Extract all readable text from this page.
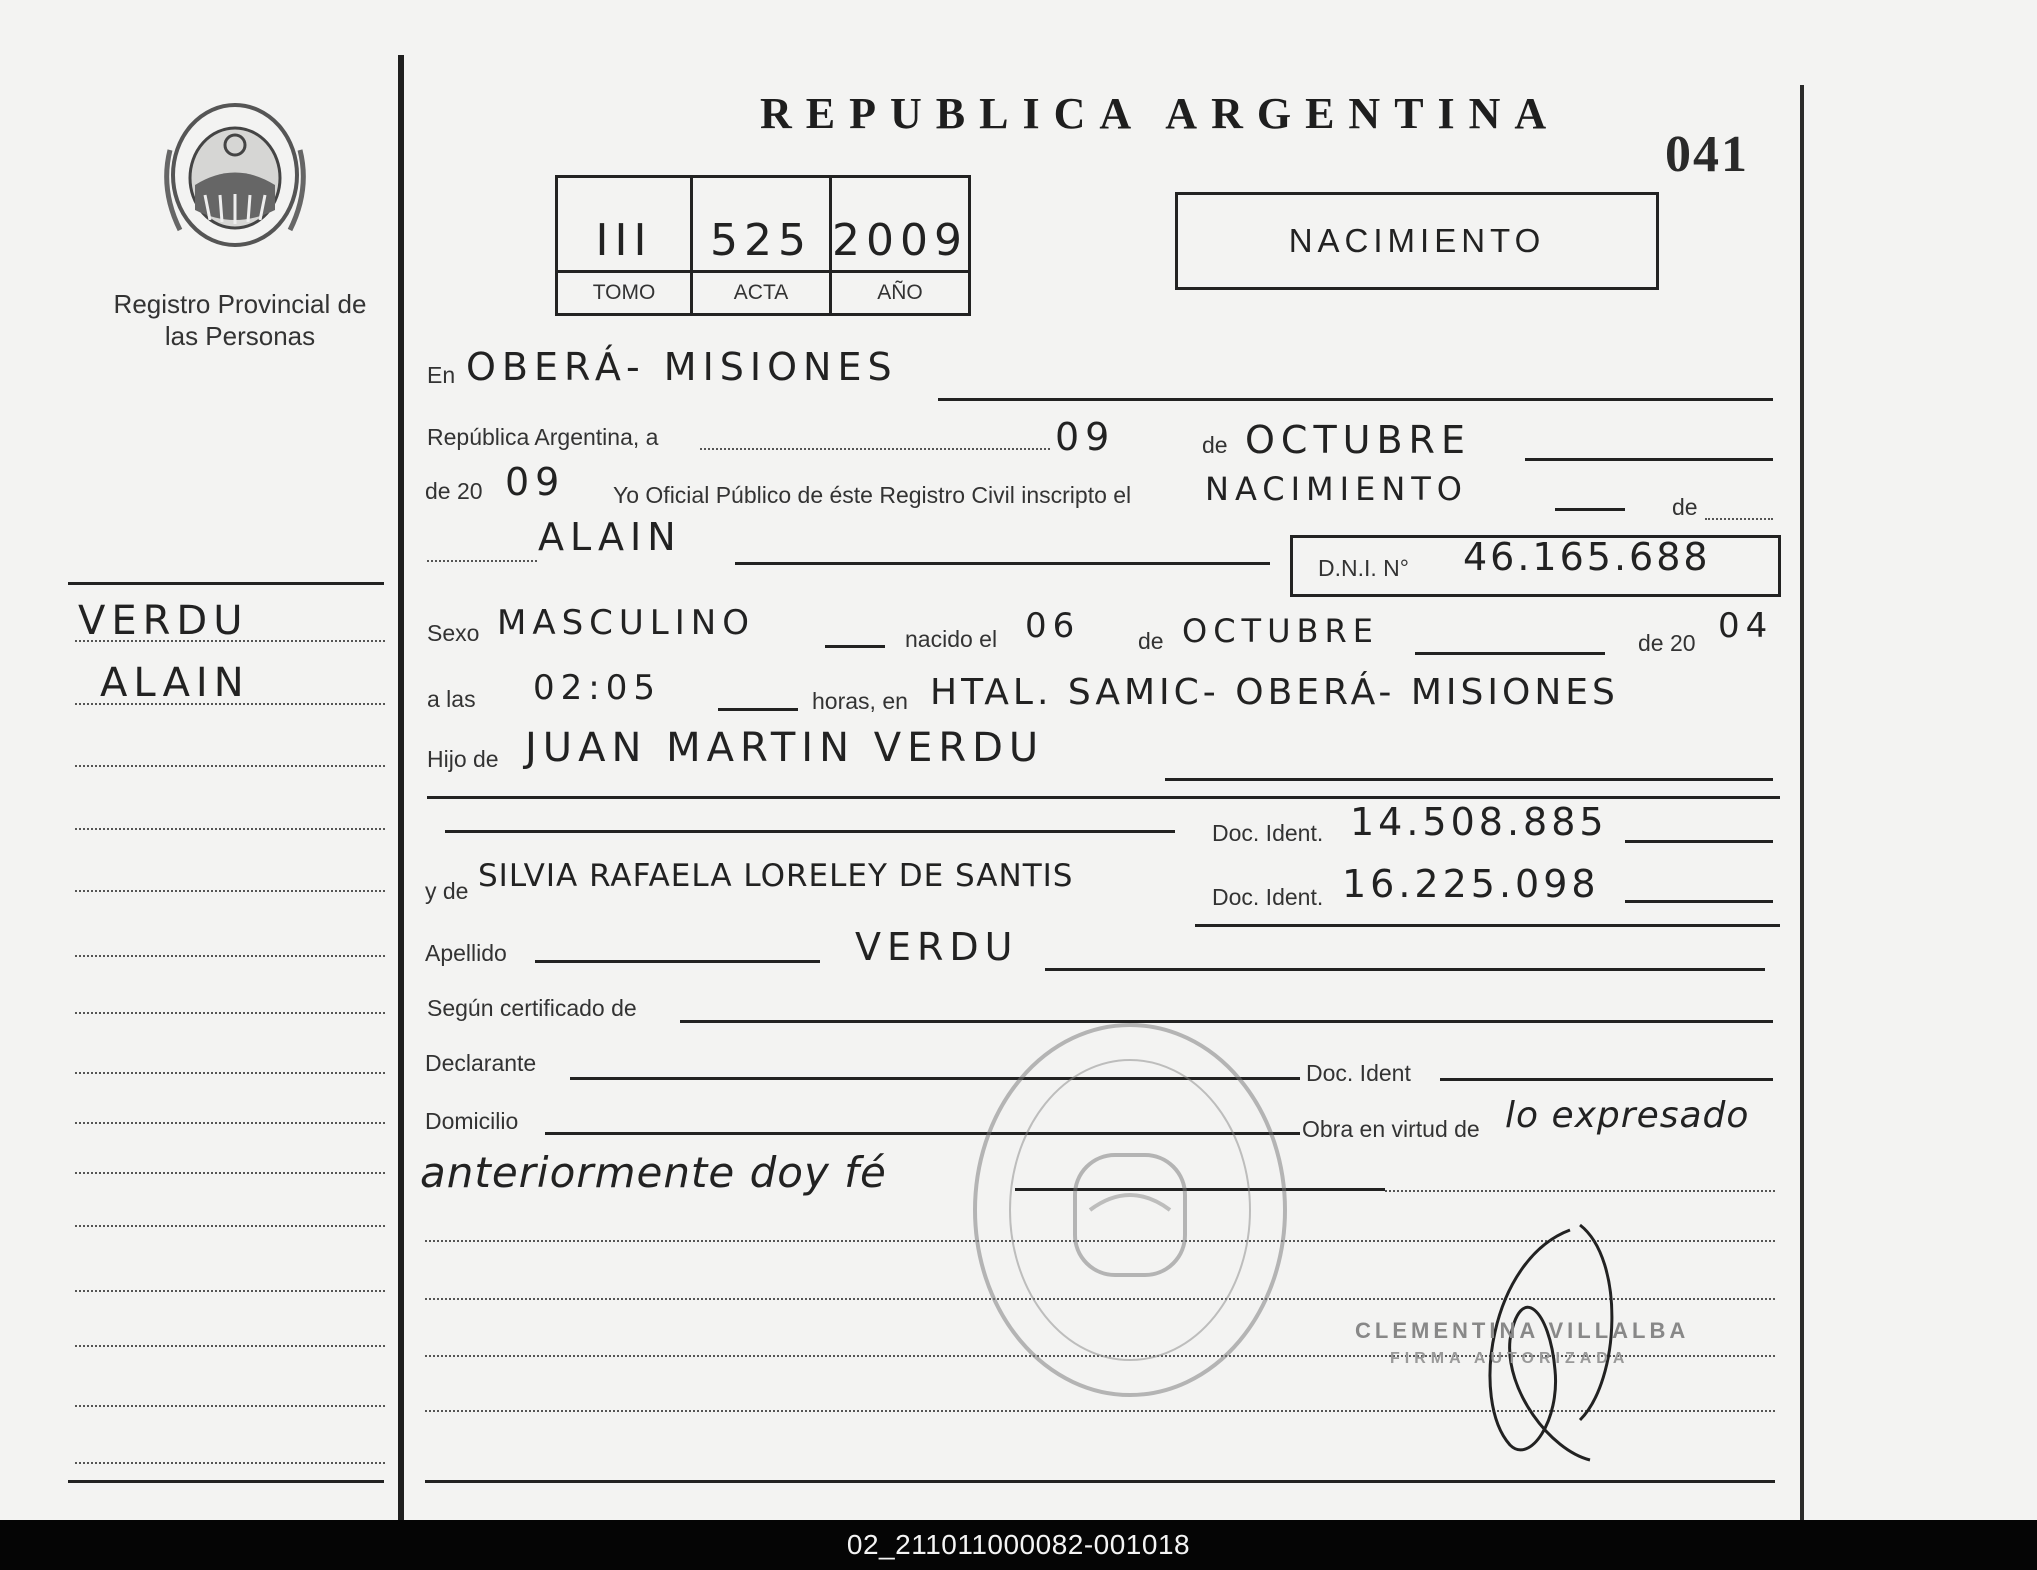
Registro Provincial de las Personas
VERDU
ALAIN
REPUBLICA ARGENTINA
041
III	525	2009
TOMO	ACTA	AÑO
NACIMIENTO
En OBERÁ- MISIONES
República Argentina, a	09	de OCTUBRE
de 20 09 Yo Oficial Público de éste Registro Civil inscripto el NACIMIENTO	de
ALAIN
D.N.I. N° 46.165.688
Sexo MASCULINO	nacido el 06	de OCTUBRE	de 20 04
a las 02:05	horas, en HTAL. SAMIC- OBERÁ- MISIONES
Hijo de JUAN MARTIN VERDU
Doc. Ident. 14.508.885
y de SILVIA RAFAELA LORELEY DE SANTIS
Doc. Ident. 16.225.098
Apellido	VERDU
Según certificado de
Declarante	Doc. Ident
Domicilio	Obra en virtud de lo expresado
anteriormente doy fé
CLEMENTINA VILLALBA
FIRMA AUTORIZADA
02_211011000082-001018
